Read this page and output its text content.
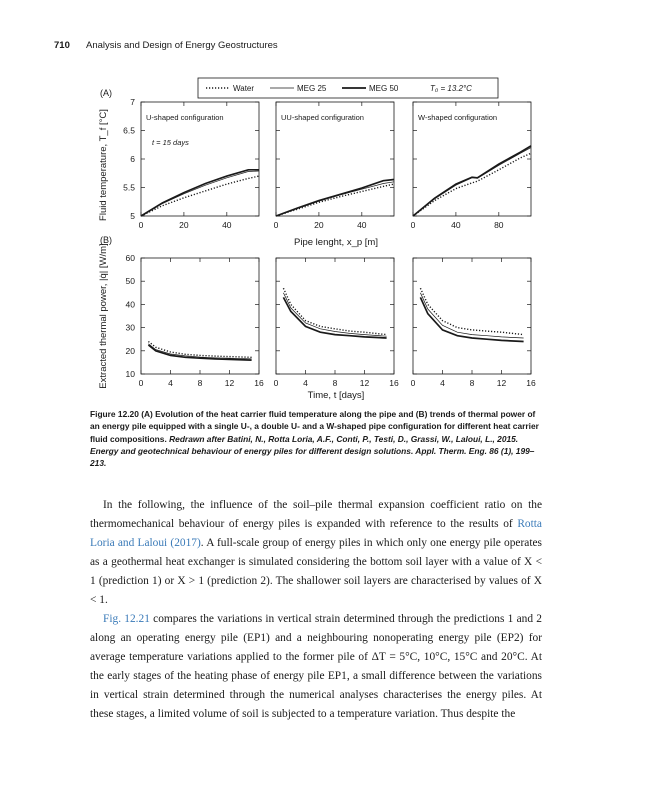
710 Analysis and Design of Energy Geostructures
(A)
(B)
Water	MEG 25	MEG 50	T₀ = 13.2°C
Fluid temperature, T_f [°C]
Extracted thermal power, |q̇| [W/m]
Pipe lenght, x_p [m]
Time, t [days]
t = 15 days
U-shaped configuration
0	20	40
5
5.5
6
6.5
7
UU-shaped configuration
0	20	40
W-shaped configuration
0	40	80
0	4	8	12 16
10
20
30
40
50
60
0	4	8	12 16 0	4	8	12 16
Figure 12.20 (A) Evolution of the heat carrier fluid temperature along the pipe and (B) trends of thermal power of an energy pile equipped with a single U-, a double U- and a W-shaped pipe configuration for different heat carrier fluid compositions. Redrawn after Batini, N., Rotta Loria, A.F., Conti, P., Testi, D., Grassi, W., Laloui, L., 2015. Energy and geotechnical behaviour of energy piles for different design solutions. Appl. Therm. Eng. 86 (1), 199–213.

In the following, the influence of the soil–pile thermal expansion coefficient ratio on the thermomechanical behaviour of energy piles is expanded with reference to the results of Rotta Loria and Laloui (2017). A full-scale group of energy piles in which only one energy pile operates as a geothermal heat exchanger is simulated considering the bottom soil layer with a value of X < 1 (prediction 1) or X > 1 (prediction 2). The shallower soil layers are characterised by values of X < 1.

Fig. 12.21 compares the variations in vertical strain determined through the predictions 1 and 2 along an operating energy pile (EP1) and a neighbouring nonoperating energy pile (EP2) for average temperature variations applied to the former pile of ΔT = 5°C, 10°C, 15°C and 20°C. At the early stages of the heating phase of energy pile EP1, a small difference between the variations in vertical strain determined through the numerical analyses characterises the energy piles. At these stages, a limited volume of soil is subjected to a temperature variation. Thus despite the
